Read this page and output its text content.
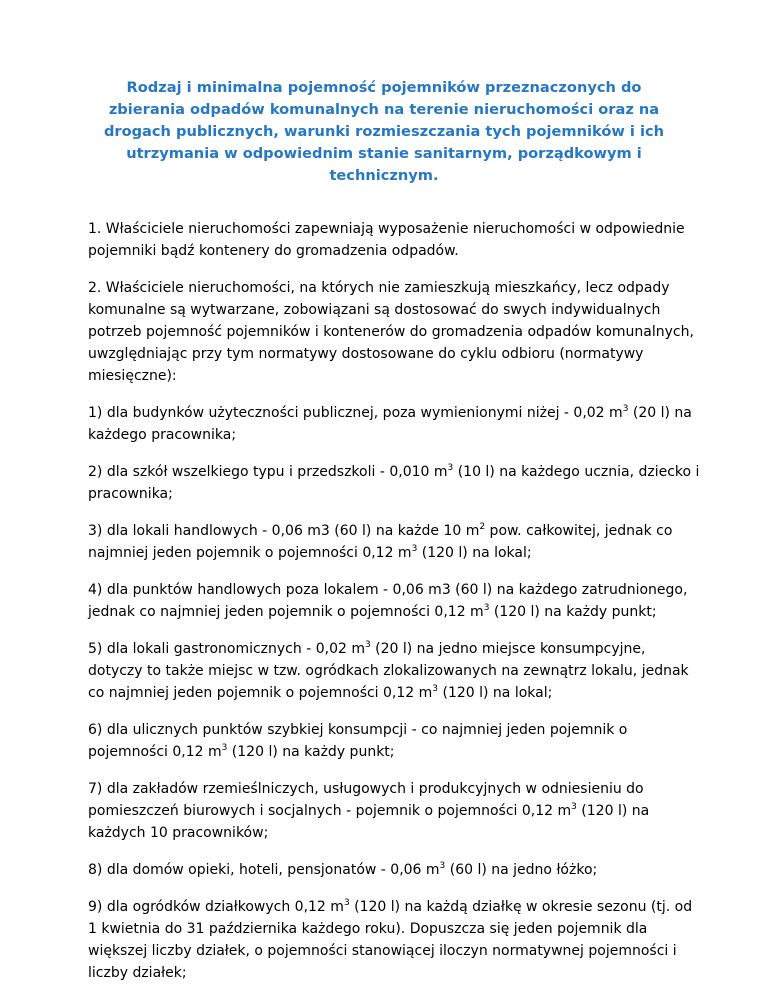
Rodzaj i minimalna pojemność pojemników przeznaczonych do zbierania odpadów komunalnych na terenie nieruchomości oraz na drogach publicznych, warunki rozmieszczania tych pojemników i ich utrzymania w odpowiednim stanie sanitarnym, porządkowym i technicznym.

1. Właściciele nieruchomości zapewniają wyposażenie nieruchomości w odpowiednie pojemniki bądź kontenery do gromadzenia odpadów.

2. Właściciele nieruchomości, na których nie zamieszkują mieszkańcy, lecz odpady komunalne są wytwarzane, zobowiązani są dostosować do swych indywidualnych potrzeb pojemność pojemników i kontenerów do gromadzenia odpadów komunalnych, uwzględniając przy tym normatywy dostosowane do cyklu odbioru (normatywy miesięczne):

1) dla budynków użyteczności publicznej, poza wymienionymi niżej - 0,02 $m^3$ (20 l) na każdego pracownika;

2) dla szkół wszelkiego typu i przedszkoli - 0,010 $m^3$ (10 l) na każdego ucznia, dziecko i pracownika;

3) dla lokali handlowych - 0,06 m3 (60 l) na każde 10 $m^2$ pow. całkowitej, jednak co najmniej jeden pojemnik o pojemności 0,12 $m^3$ (120 l) na lokal;

4) dla punktów handlowych poza lokalem - 0,06 m3 (60 l) na każdego zatrudnionego, jednak co najmniej jeden pojemnik o pojemności 0,12 $m^3$ (120 l) na każdy punkt;

5) dla lokali gastronomicznych - 0,02 $m^3$ (20 l) na jedno miejsce konsumpcyjne, dotyczy to także miejsc w tzw. ogródkach zlokalizowanych na zewnątrz lokalu, jednak co najmniej jeden pojemnik o pojemności 0,12 $m^3$ (120 l) na lokal;

6) dla ulicznych punktów szybkiej konsumpcji - co najmniej jeden pojemnik o pojemności 0,12 $m^3$ (120 l) na każdy punkt;

7) dla zakładów rzemieślniczych, usługowych i produkcyjnych w odniesieniu do pomieszczeń biurowych i socjalnych - pojemnik o pojemności 0,12 $m^3$ (120 l) na każdych 10 pracowników;

8) dla domów opieki, hoteli, pensjonatów - 0,06 $m^3$ (60 l) na jedno łóżko;

9) dla ogródków działkowych 0,12 $m^3$ (120 l) na każdą działkę w okresie sezonu (tj. od 1 kwietnia do 31 października każdego roku). Dopuszcza się jeden pojemnik dla większej liczby działek, o pojemności stanowiącej iloczyn normatywnej pojemności i liczby działek;
